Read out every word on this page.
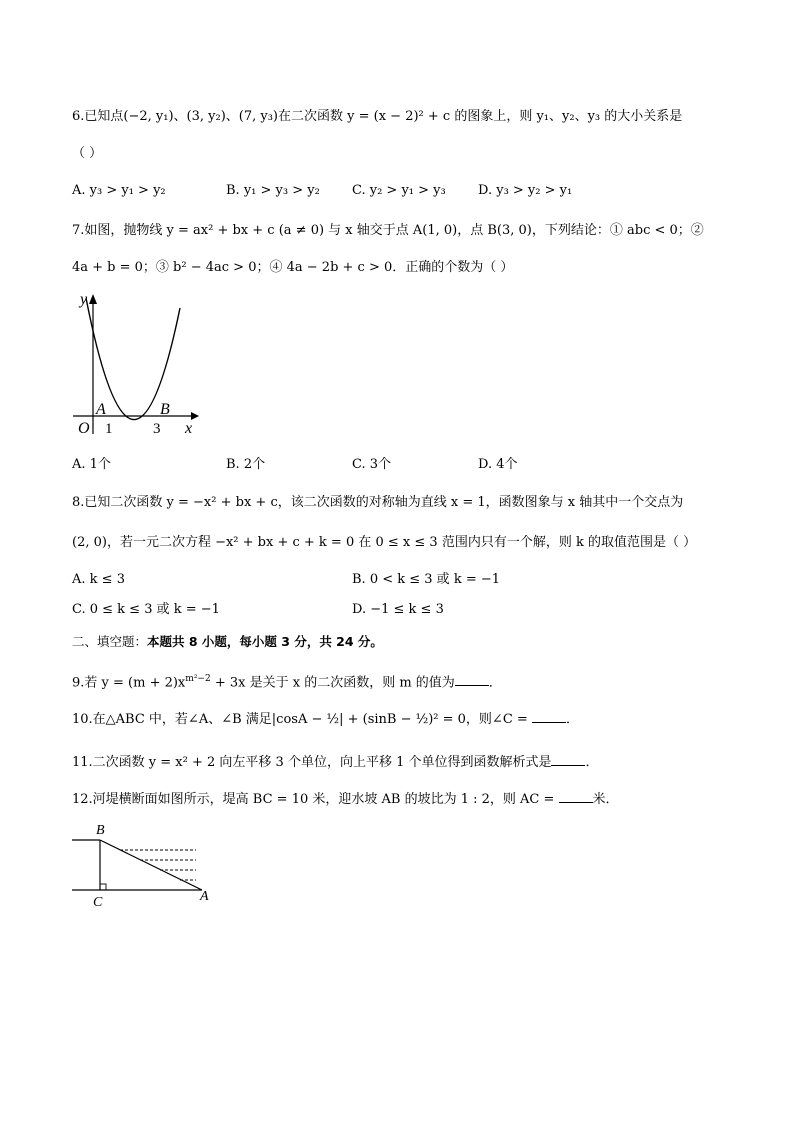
6.已知点(−2, y₁)、(3, y₂)、(7, y₃)在二次函数 y = (x − 2)² + c 的图象上，则 y₁、y₂、y₃ 的大小关系是
（ ）
A. y₃ > y₁ > y₂	B. y₁ > y₃ > y₂ C. y₂ > y₁ > y₃ D. y₃ > y₂ > y₁
7.如图，抛物线 y = ax² + bx + c (a ≠ 0) 与 x 轴交于点 A(1, 0)，点 B(3, 0)，下列结论：① abc < 0；②
4a + b = 0；③ b² − 4ac > 0；④ 4a − 2b + c > 0．正确的个数为（ ）
y
x
A	B
O 1	3
A. 1个	B. 2个	C. 3个	D. 4个
8.已知二次函数 y = −x² + bx + c，该二次函数的对称轴为直线 x = 1，函数图象与 x 轴其中一个交点为
(2, 0)，若一元二次方程 −x² + bx + c + k = 0 在 0 ≤ x ≤ 3 范围内只有一个解，则 k 的取值范围是（ ）
A. k ≤ 3	B. 0 < k ≤ 3 或 k = −1
C. 0 ≤ k ≤ 3 或 k = −1	D. −1 ≤ k ≤ 3
二、填空题：本题共 8 小题，每小题 3 分，共 24 分。
9.若 $y = (m + 2)x^{m^2-2} + 3x$ 是关于 x 的二次函数，则 m 的值为	．
10.在△ABC 中，若∠A、∠B 满足|cosA − ½| + (sinB − ½)² = 0，则∠C =	．
11.二次函数 y = x² + 2 向左平移 3 个单位，向上平移 1 个单位得到函数解析式是	．
12.河堤横断面如图所示，堤高 BC = 10 米，迎水坡 AB 的坡比为 1 : 2，则 AC =	米．
B
C	A
